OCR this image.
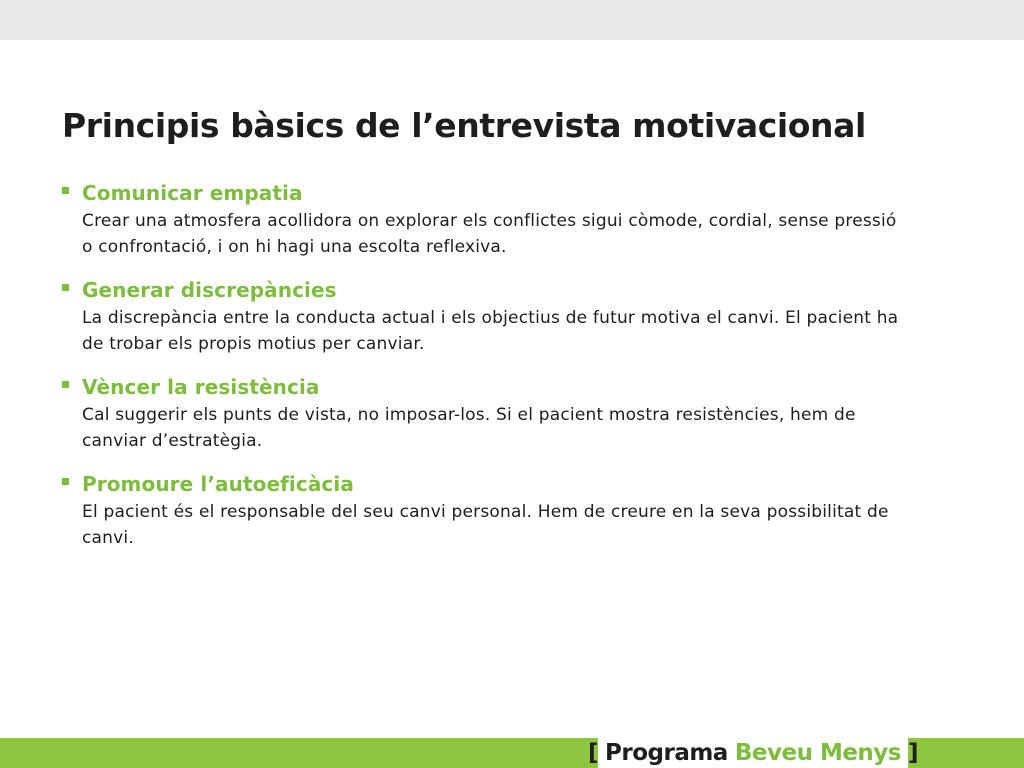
Principis bàsics de l’entrevista motivacional
Comunicar empatia
Crear una atmosfera acollidora on explorar els conflictes sigui còmode, cordial, sense pressió o confrontació, i on hi hagi una escolta reflexiva.
Generar discrepàncies
La discrepància entre la conducta actual i els objectius de futur motiva el canvi. El pacient ha de trobar els propis motius per canviar.
Vèncer la resistència
Cal suggerir els punts de vista, no imposar-los. Si el pacient mostra resistències, hem de canviar d’estratègia.
Promoure l’autoeficàcia
El pacient és el responsable del seu canvi personal. Hem de creure en la seva possibilitat de canvi.
[ Programa Beveu Menys ]
